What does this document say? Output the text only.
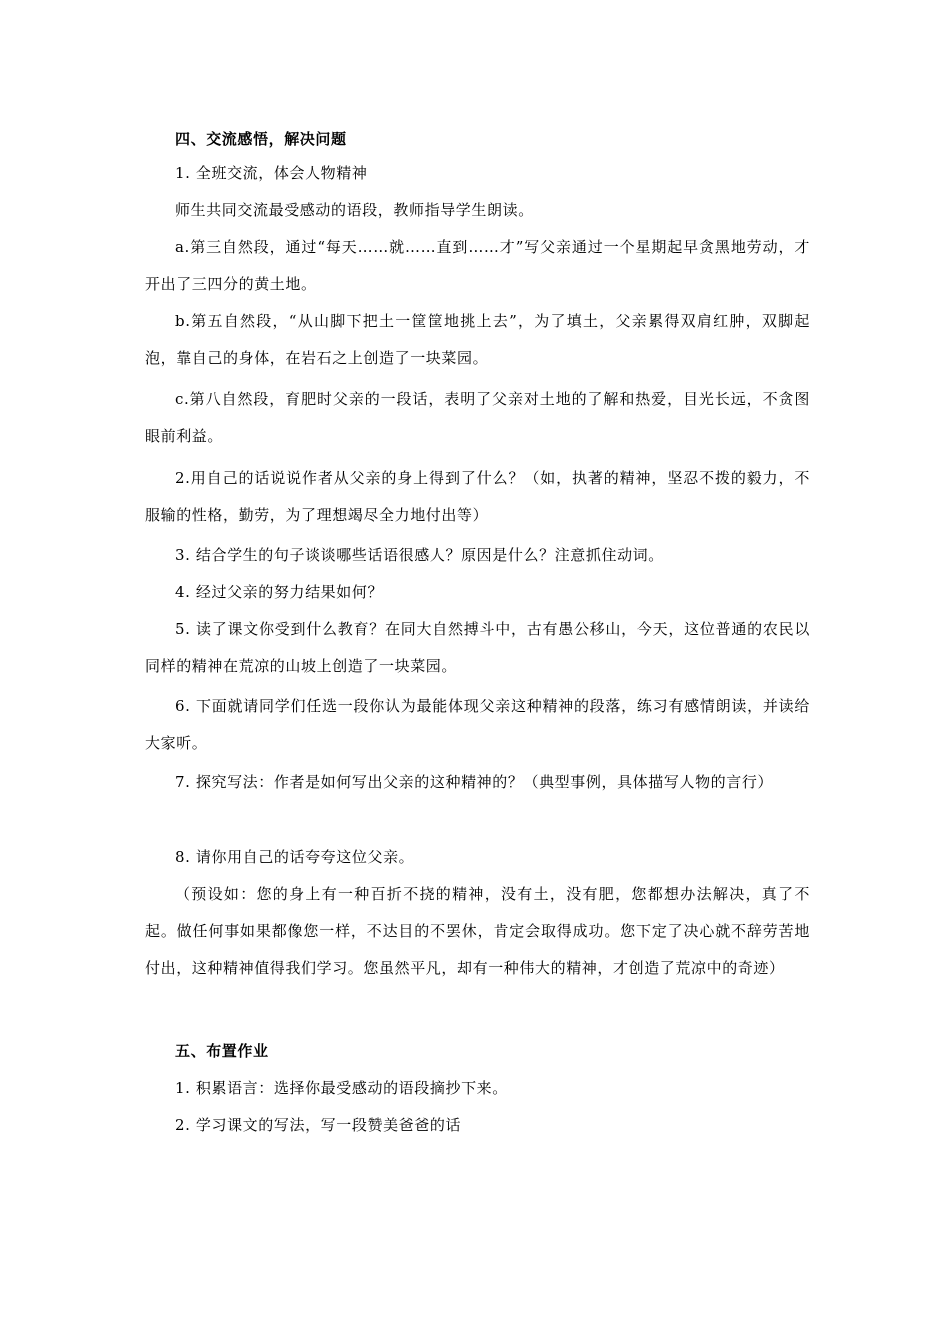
四、交流感悟，解决问题

1. 全班交流，体会人物精神

师生共同交流最受感动的语段，教师指导学生朗读。

a.第三自然段，通过“每天……就……直到……才”写父亲通过一个星期起早贪黑地劳动，才开出了三四分的黄土地。

b.第五自然段，“从山脚下把土一筐筐地挑上去”，为了填土，父亲累得双肩红肿，双脚起泡，靠自己的身体，在岩石之上创造了一块菜园。

c.第八自然段，育肥时父亲的一段话，表明了父亲对土地的了解和热爱，目光长远，不贪图眼前利益。

2.用自己的话说说作者从父亲的身上得到了什么？（如，执著的精神，坚忍不拨的毅力，不服输的性格，勤劳，为了理想竭尽全力地付出等）

3. 结合学生的句子谈谈哪些话语很感人？原因是什么？注意抓住动词。

4. 经过父亲的努力结果如何？

5. 读了课文你受到什么教育？在同大自然搏斗中，古有愚公移山，今天，这位普通的农民以同样的精神在荒凉的山坡上创造了一块菜园。

6. 下面就请同学们任选一段你认为最能体现父亲这种精神的段落，练习有感情朗读，并读给大家听。

7. 探究写法：作者是如何写出父亲的这种精神的？（典型事例，具体描写人物的言行）

8. 请你用自己的话夸夸这位父亲。

（预设如：您的身上有一种百折不挠的精神，没有土，没有肥，您都想办法解决，真了不起。做任何事如果都像您一样，不达目的不罢休，肯定会取得成功。您下定了决心就不辞劳苦地付出，这种精神值得我们学习。您虽然平凡，却有一种伟大的精神，才创造了荒凉中的奇迹）

五、布置作业

1. 积累语言：选择你最受感动的语段摘抄下来。

2. 学习课文的写法，写一段赞美爸爸的话
